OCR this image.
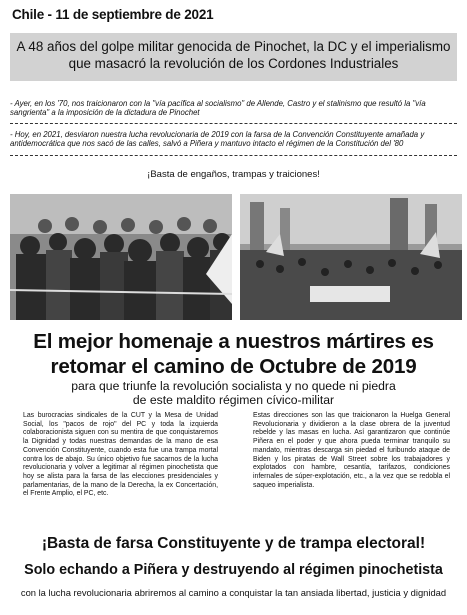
Chile - 11 de septiembre de 2021
A 48 años del golpe militar genocida de Pinochet, la DC y el imperialismo
que masacró la revolución de los Cordones Industriales
- Ayer, en los '70, nos traicionaron con la "vía pacífica al socialismo" de Allende, Castro y el stalinismo que resultó la "vía sangrienta" a la imposición de la dictadura de Pinochet
- Hoy, en 2021, desviaron nuestra lucha revolucionaria de 2019 con la farsa de la Convención Constituyente amañada y antidemocrática que nos sacó de las calles, salvó a Piñera y mantuvo intacto el régimen de la Constitución del '80
¡Basta de engaños, trampas y traiciones!
El mejor homenaje a nuestros mártires es
retomar el camino de Octubre de 2019
para que triunfe la revolución socialista y no quede ni piedra
de este maldito régimen cívico-militar
Las burocracias sindicales de la CUT y la Mesa de Unidad Social, los "pacos de rojo" del PC y toda la izquierda colaboracionista siguen con su mentira de que conquistaremos la Dignidad y todas nuestras demandas de la mano de esa Convención Constituyente, cuando esta fue una trampa mortal contra los de abajo. Su único objetivo fue sacarnos de la lucha revolucionaria y volver a legitimar al régimen pinochetista que hoy se alista para la farsa de las elecciones presidenciales y parlamentarias, de la mano de la Derecha, la ex Concertación, el Frente Amplio, el PC, etc.
Estas direcciones son las que traicionaron la Huelga General Revolucionaria y dividieron a la clase obrera de la juventud rebelde y las masas en lucha. Así garantizaron que continúe Piñera en el poder y que ahora pueda terminar tranquilo su mandato, mientras descarga sin piedad el furibundo ataque de Biden y los piratas de Wall Street sobre los trabajadores y explotados con hambre, cesantía, tarifazos, condiciones infernales de súper-explotación, etc., a la vez que se redobla el saqueo imperialista.
¡Basta de farsa Constituyente y de trampa electoral!
Solo echando a Piñera y destruyendo al régimen pinochetista
con la lucha revolucionaria abriremos al camino a conquistar la tan ansiada libertad, justicia y dignidad
